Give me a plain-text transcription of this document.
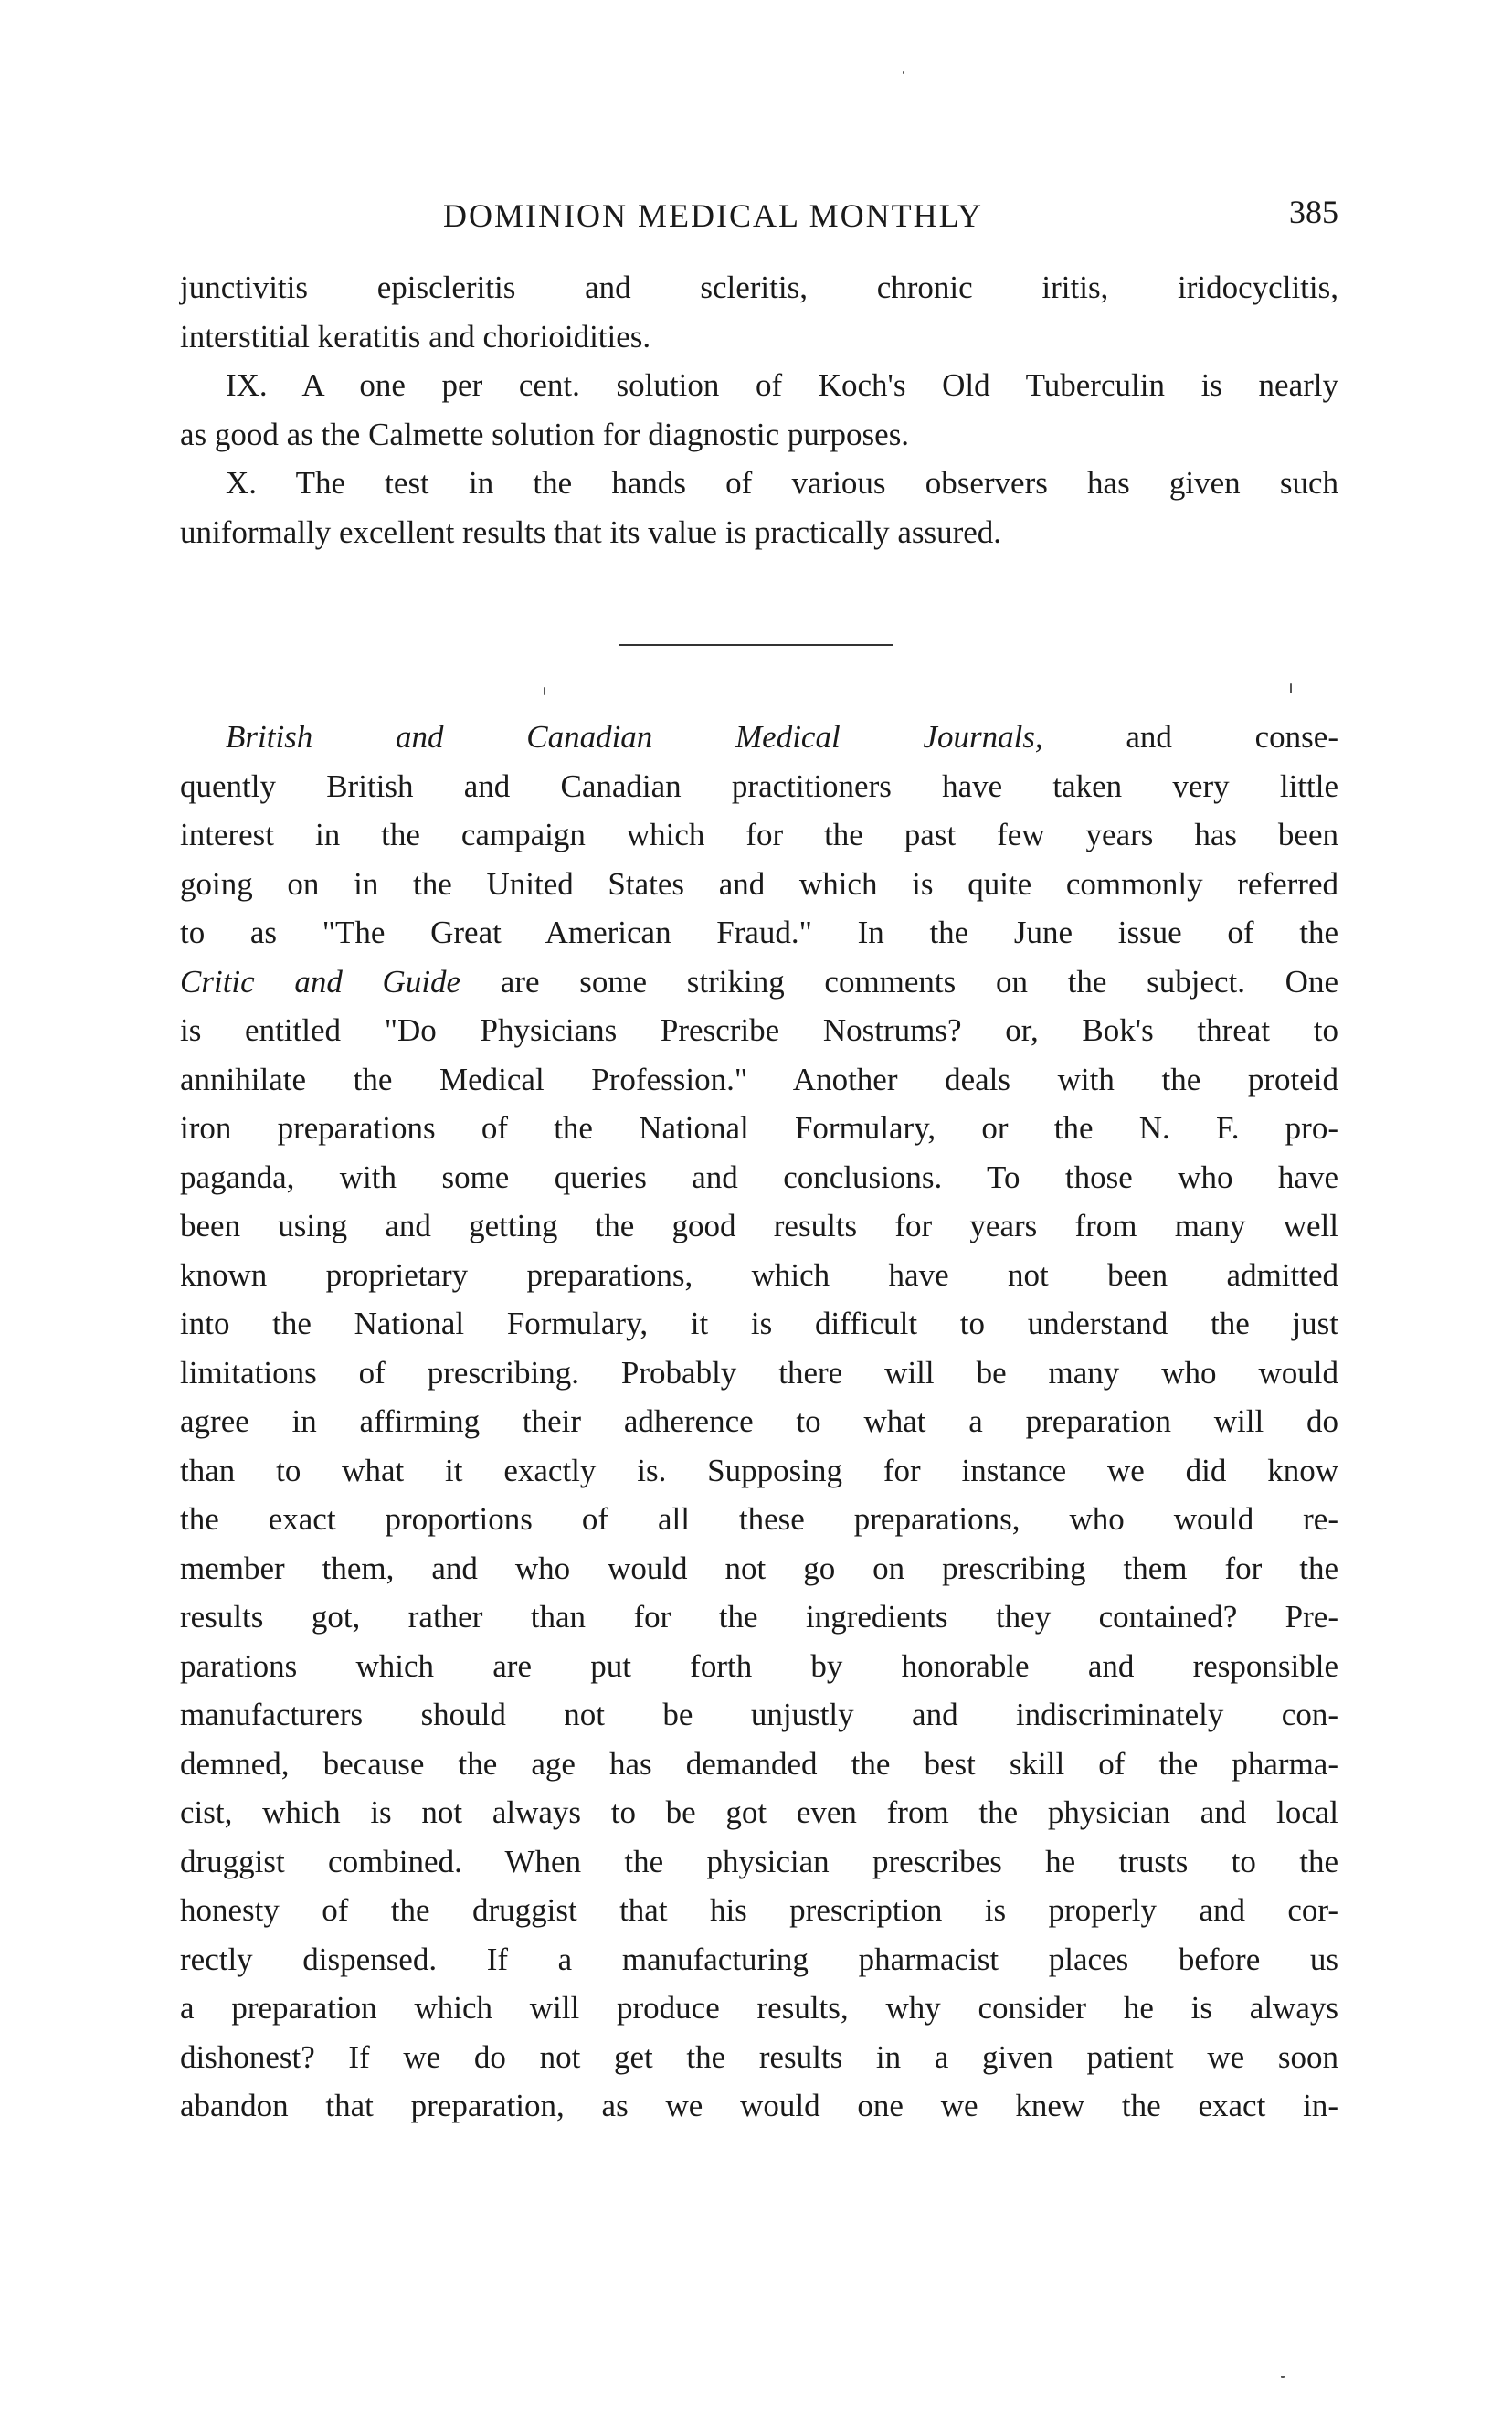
DOMINION MEDICAL MONTHLY	385
junctivitis episcleritis and scleritis, chronic iritis, iridocyclitis,
interstitial keratitis and chorioidities.
IX. A one per cent. solution of Koch's Old Tuberculin is nearly
as good as the Calmette solution for diagnostic purposes.
X. The test in the hands of various observers has given such
uniformally excellent results that its value is practically assured.
British and Canadian Medical Journals, and conse-
quently British and Canadian practitioners have taken very little
interest in the campaign which for the past few years has been
going on in the United States and which is quite commonly referred
to as "The Great American Fraud." In the June issue of the
Critic and Guide are some striking comments on the subject. One
is entitled "Do Physicians Prescribe Nostrums? or, Bok's threat to
annihilate the Medical Profession." Another deals with the proteid
iron preparations of the National Formulary, or the N. F. pro-
paganda, with some queries and conclusions. To those who have
been using and getting the good results for years from many well
known proprietary preparations, which have not been admitted
into the National Formulary, it is difficult to understand the just
limitations of prescribing. Probably there will be many who would
agree in affirming their adherence to what a preparation will do
than to what it exactly is. Supposing for instance we did know
the exact proportions of all these preparations, who would re-
member them, and who would not go on prescribing them for the
results got, rather than for the ingredients they contained? Pre-
parations which are put forth by honorable and responsible
manufacturers should not be unjustly and indiscriminately con-
demned, because the age has demanded the best skill of the pharma-
cist, which is not always to be got even from the physician and local
druggist combined. When the physician prescribes he trusts to the
honesty of the druggist that his prescription is properly and cor-
rectly dispensed. If a manufacturing pharmacist places before us
a preparation which will produce results, why consider he is always
dishonest? If we do not get the results in a given patient we soon
abandon that preparation, as we would one we knew the exact in-
